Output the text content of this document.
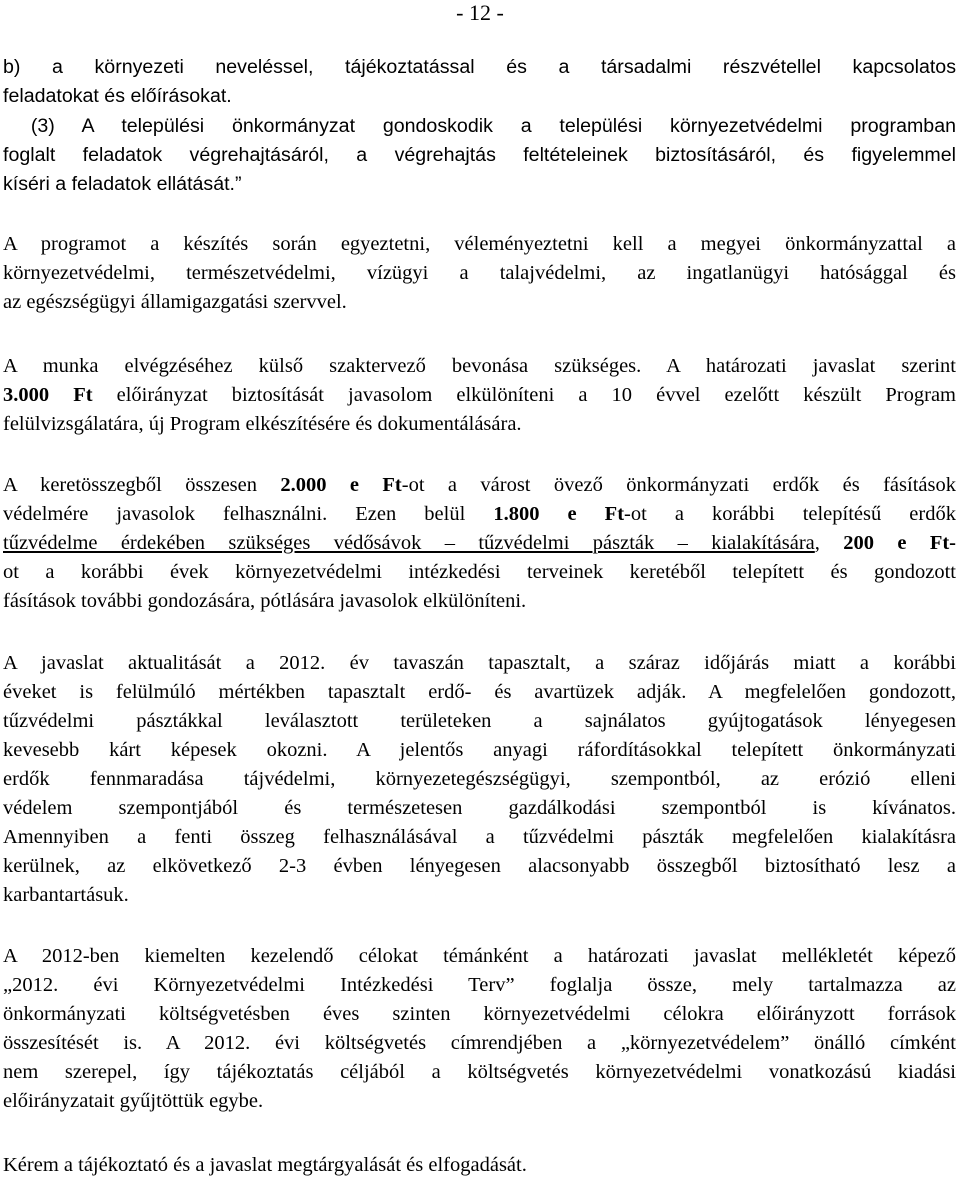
- 12 -
b) a környezeti neveléssel, tájékoztatással és a társadalmi részvétellel kapcsolatos
feladatokat és előírásokat.
(3) A települési önkormányzat gondoskodik a települési környezetvédelmi programban
foglalt feladatok végrehajtásáról, a végrehajtás feltételeinek biztosításáról, és figyelemmel
kíséri a feladatok ellátását.”
A programot a készítés során egyeztetni, véleményeztetni kell a megyei önkormányzattal a
környezetvédelmi, természetvédelmi, vízügyi a talajvédelmi, az ingatlanügyi hatósággal és
az egészségügyi államigazgatási szervvel.
A munka elvégzéséhez külső szaktervező bevonása szükséges. A határozati javaslat szerint
3.000 Ft előirányzat biztosítását javasolom elkülöníteni a 10 évvel ezelőtt készült Program
felülvizsgálatára, új Program elkészítésére és dokumentálására.
A keretösszegből összesen 2.000 e Ft-ot a várost övező önkormányzati erdők és fásítások
védelmére javasolok felhasználni. Ezen belül 1.800 e Ft-ot a korábbi telepítésű erdők
tűzvédelme érdekében szükséges védősávok – tűzvédelmi pászták – kialakítására, 200 e Ft-
ot a korábbi évek környezetvédelmi intézkedési terveinek keretéből telepített és gondozott
fásítások további gondozására, pótlására javasolok elkülöníteni.
A javaslat aktualitását a 2012. év tavaszán tapasztalt, a száraz időjárás miatt a korábbi
éveket is felülmúló mértékben tapasztalt erdő- és avartüzek adják. A megfelelően gondozott,
tűzvédelmi pásztákkal leválasztott területeken a sajnálatos gyújtogatások lényegesen
kevesebb kárt képesek okozni. A jelentős anyagi ráfordításokkal telepített önkormányzati
erdők fennmaradása tájvédelmi, környezetegészségügyi, szempontból, az erózió elleni
védelem szempontjából és természetesen gazdálkodási szempontból is kívánatos.
Amennyiben a fenti összeg felhasználásával a tűzvédelmi pászták megfelelően kialakításra
kerülnek, az elkövetkező 2-3 évben lényegesen alacsonyabb összegből biztosítható lesz a
karbantartásuk.
A 2012-ben kiemelten kezelendő célokat témánként a határozati javaslat mellékletét képező
„2012. évi Környezetvédelmi Intézkedési Terv” foglalja össze, mely tartalmazza az
önkormányzati költségvetésben éves szinten környezetvédelmi célokra előirányzott források
összesítését is. A 2012. évi költségvetés címrendjében a „környezetvédelem” önálló címként
nem szerepel, így tájékoztatás céljából a költségvetés környezetvédelmi vonatkozású kiadási
előirányzatait gyűjtöttük egybe.
Kérem a tájékoztató és a javaslat megtárgyalását és elfogadását.
